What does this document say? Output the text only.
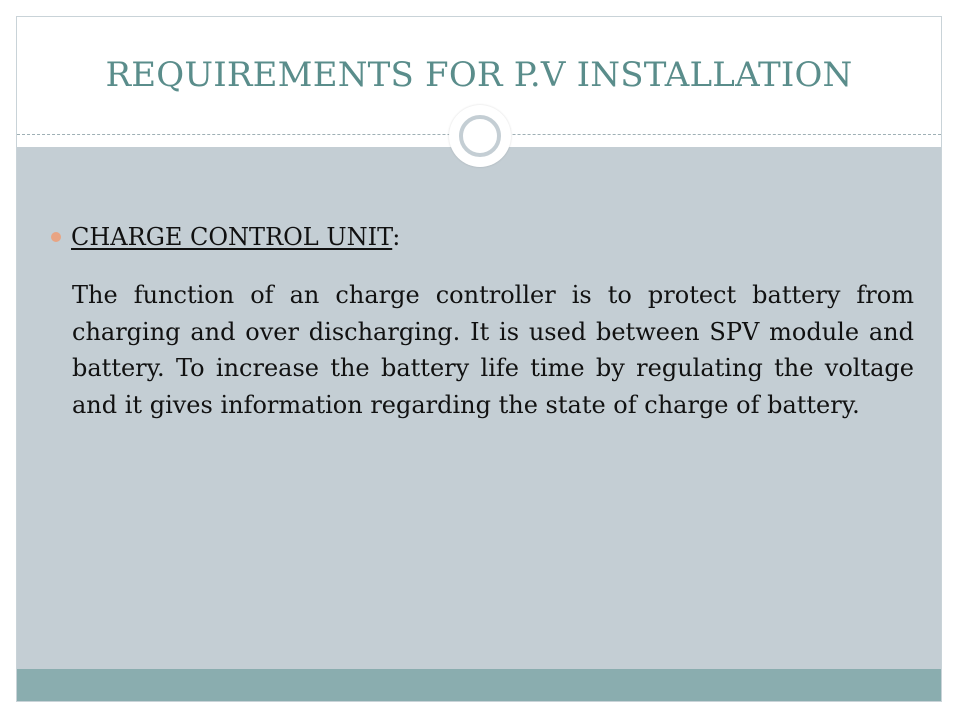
REQUIREMENTS FOR P.V INSTALLATION
CHARGE CONTROL UNIT:
The function of an charge controller is to protect battery from charging and over discharging. It is used between SPV module and battery. To increase the battery life time by regulating the voltage and it gives information regarding the state of charge of battery.
